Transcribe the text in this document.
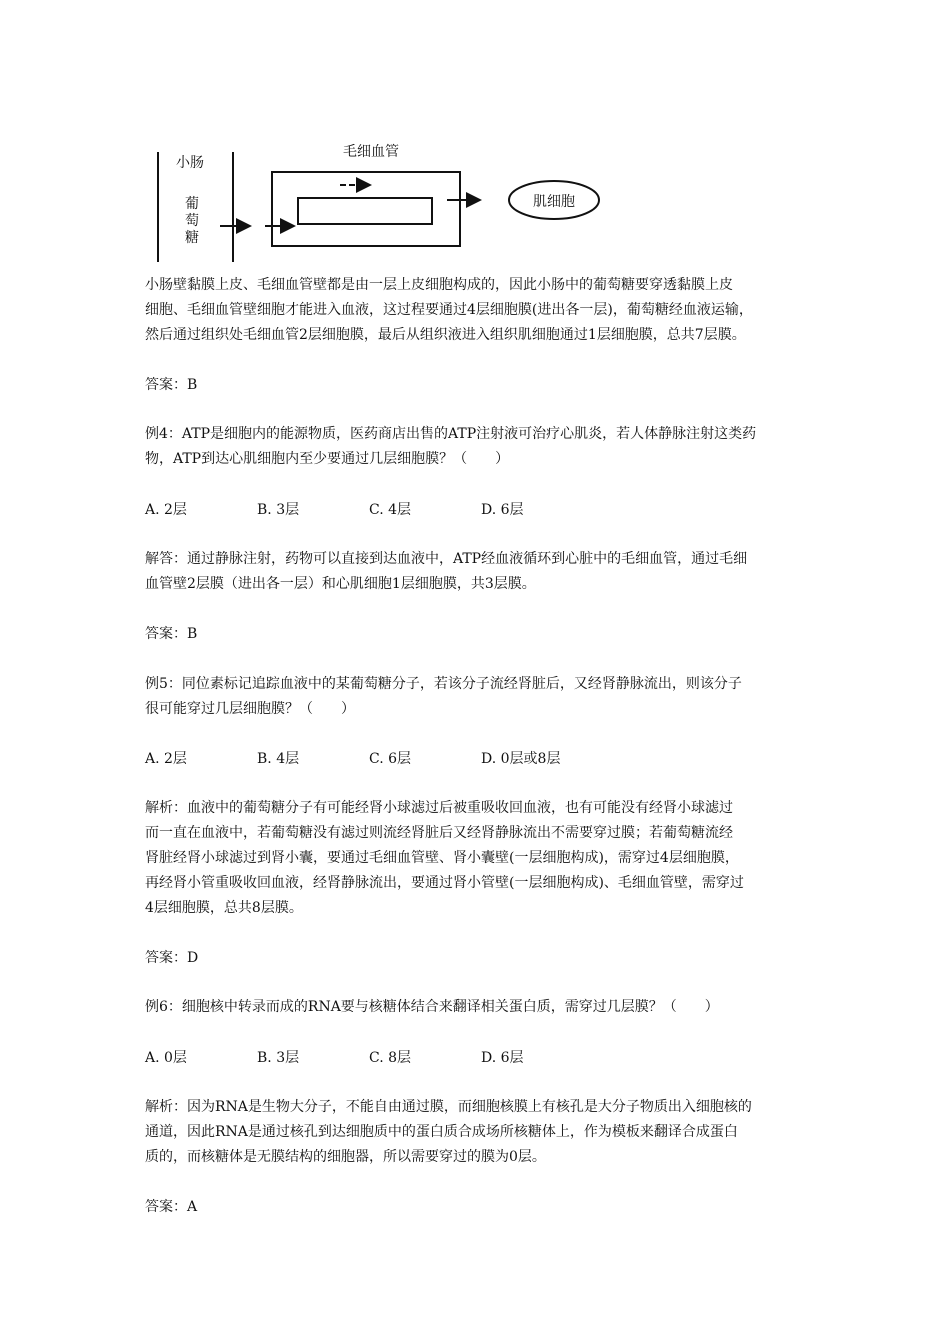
小肠
葡
萄
糖
毛细血管
肌细胞
小肠壁黏膜上皮、毛细血管壁都是由一层上皮细胞构成的，因此小肠中的葡萄糖要穿透黏膜上皮
细胞、毛细血管壁细胞才能进入血液，这过程要通过4层细胞膜(进出各一层)，葡萄糖经血液运输，
然后通过组织处毛细血管2层细胞膜，最后从组织液进入组织肌细胞通过1层细胞膜，总共7层膜。
答案：B
例4：ATP是细胞内的能源物质，医药商店出售的ATP注射液可治疗心肌炎，若人体静脉注射这类药
物，ATP到达心肌细胞内至少要通过几层细胞膜？（　　）
A. 2层	B. 3层	C. 4层	D. 6层
解答：通过静脉注射，药物可以直接到达血液中，ATP经血液循环到心脏中的毛细血管，通过毛细
血管壁2层膜（进出各一层）和心肌细胞1层细胞膜，共3层膜。
答案：B
例5：同位素标记追踪血液中的某葡萄糖分子，若该分子流经肾脏后，又经肾静脉流出，则该分子
很可能穿过几层细胞膜？（　　）
A. 2层	B. 4层	C. 6层	D. 0层或8层
解析：血液中的葡萄糖分子有可能经肾小球滤过后被重吸收回血液，也有可能没有经肾小球滤过
而一直在血液中，若葡萄糖没有滤过则流经肾脏后又经肾静脉流出不需要穿过膜；若葡萄糖流经
肾脏经肾小球滤过到肾小囊，要通过毛细血管壁、肾小囊壁(一层细胞构成)，需穿过4层细胞膜，
再经肾小管重吸收回血液，经肾静脉流出，要通过肾小管壁(一层细胞构成)、毛细血管壁，需穿过
4层细胞膜，总共8层膜。
答案：D
例6：细胞核中转录而成的RNA要与核糖体结合来翻译相关蛋白质，需穿过几层膜？（　　）
A. 0层	B. 3层	C. 8层	D. 6层
解析：因为RNA是生物大分子，不能自由通过膜，而细胞核膜上有核孔是大分子物质出入细胞核的
通道，因此RNA是通过核孔到达细胞质中的蛋白质合成场所核糖体上，作为模板来翻译合成蛋白
质的，而核糖体是无膜结构的细胞器，所以需要穿过的膜为0层。
答案：A
